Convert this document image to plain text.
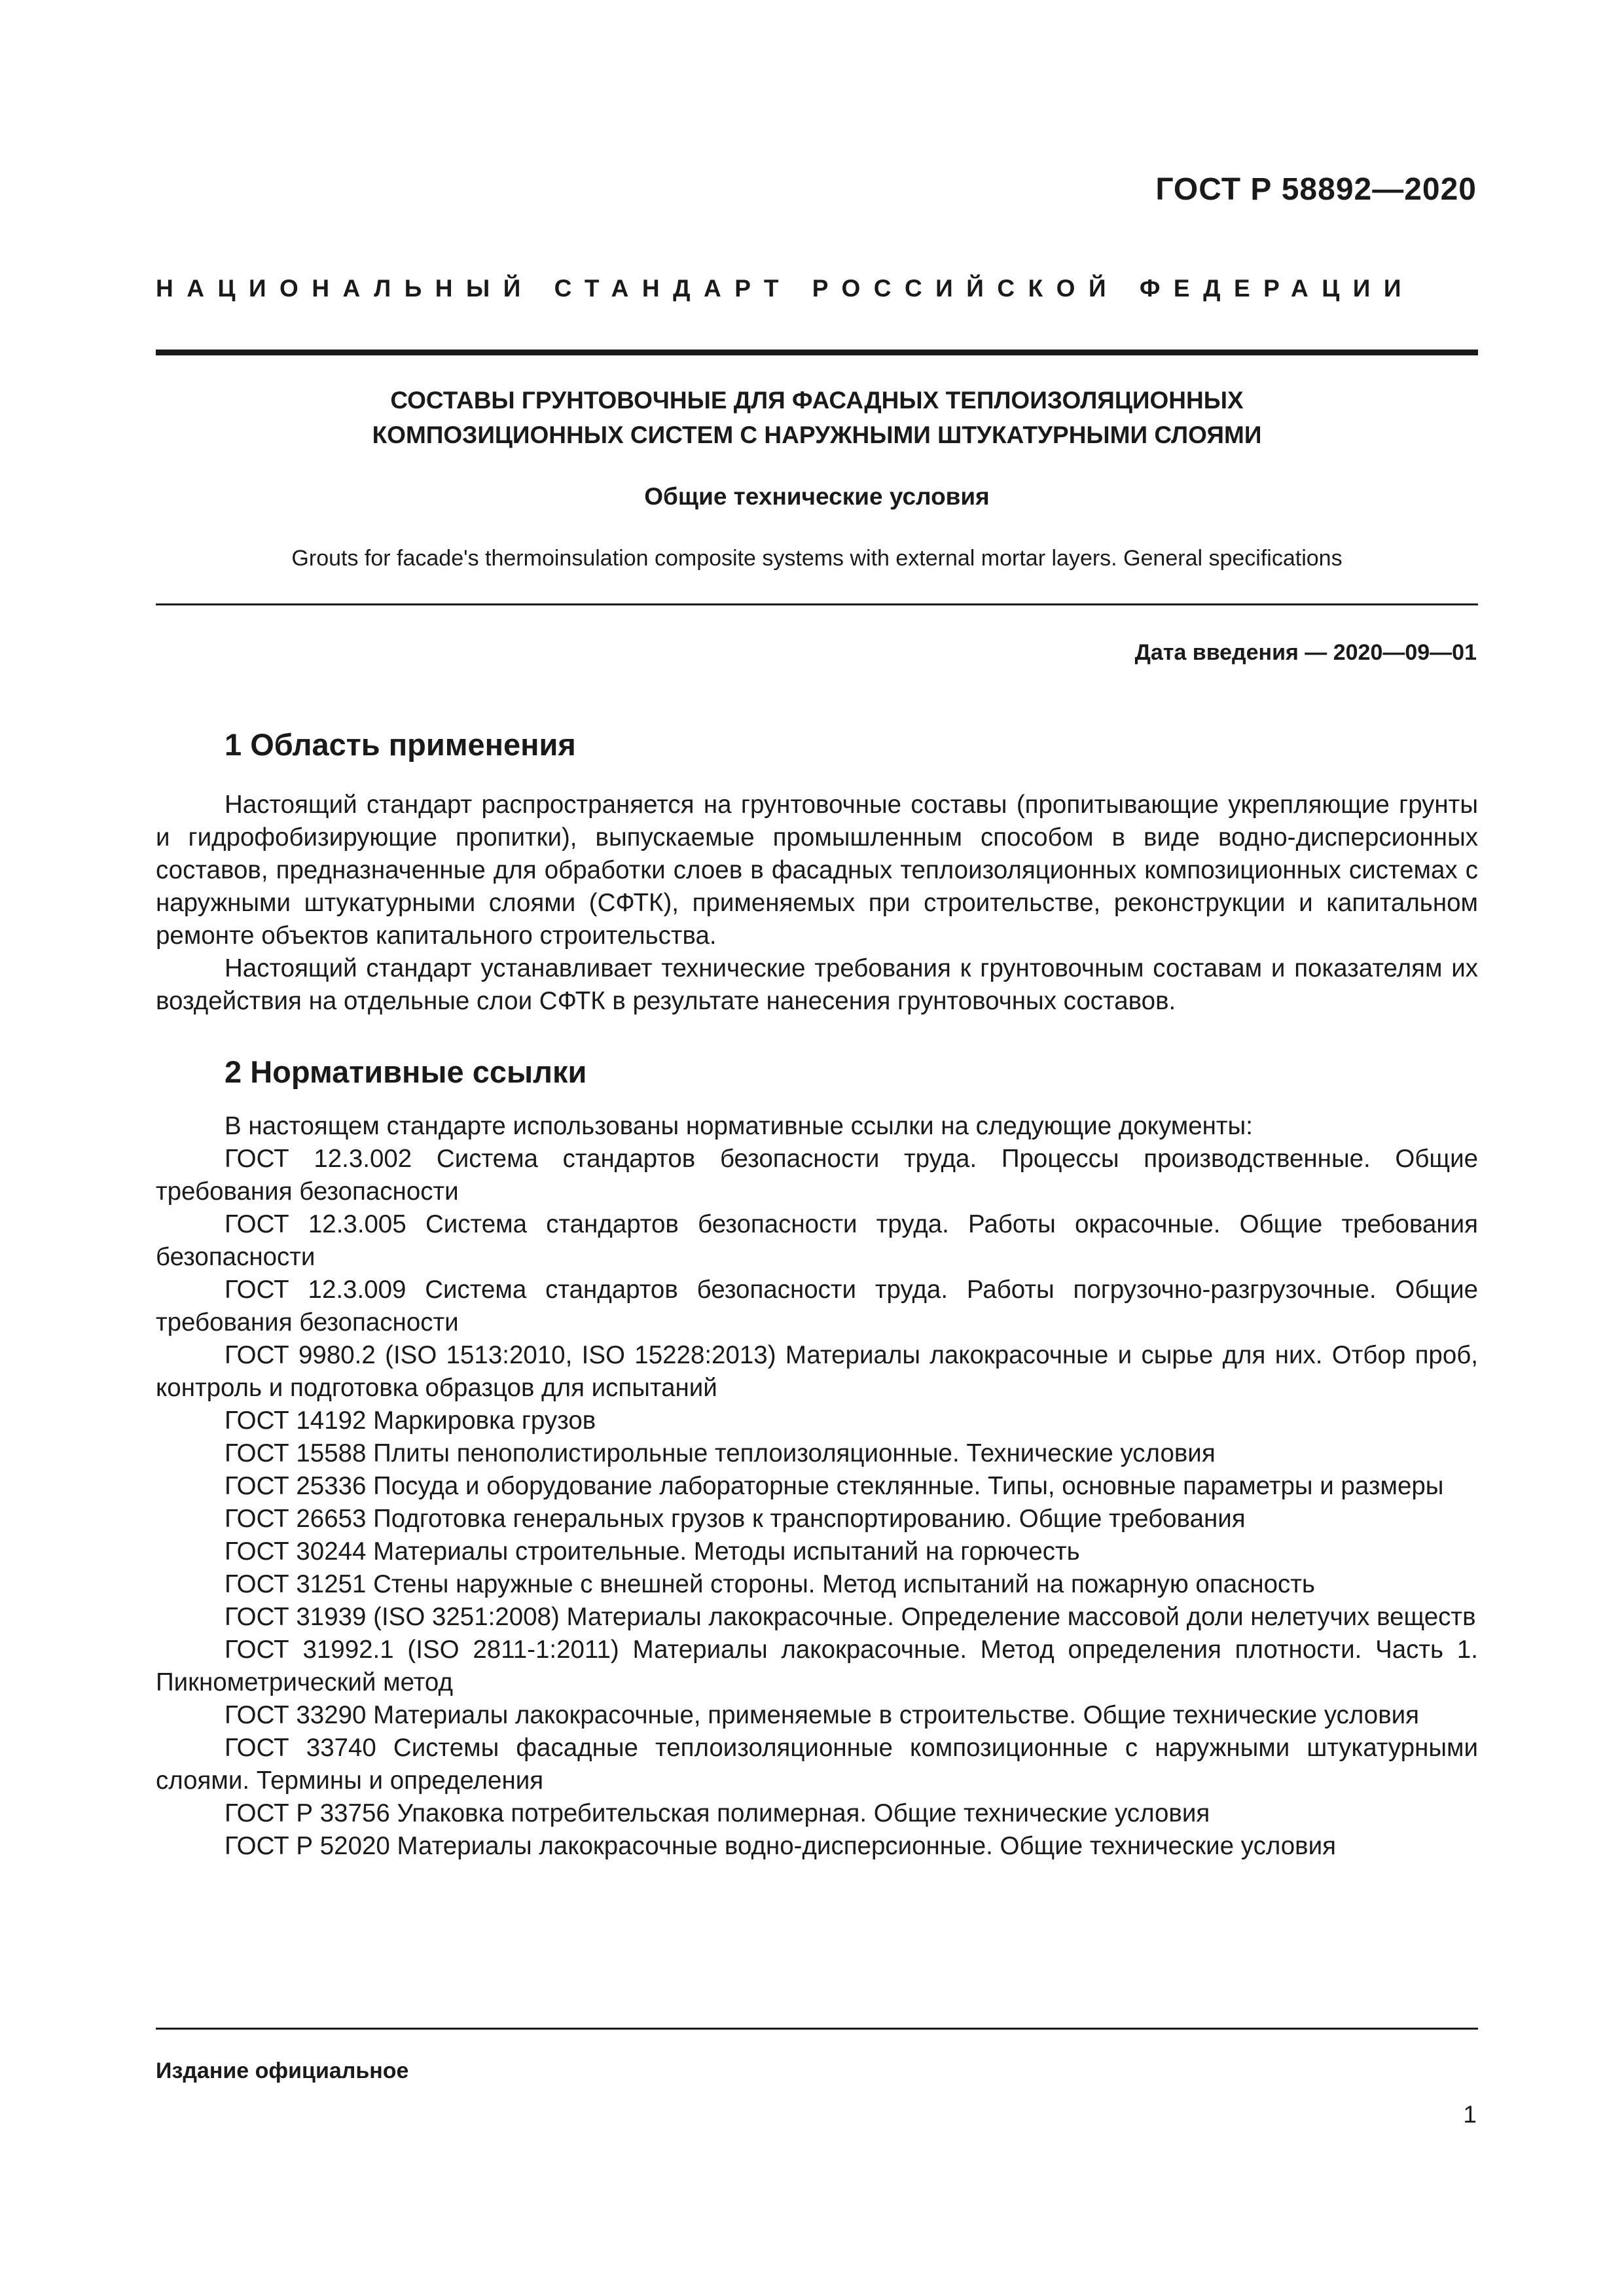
ГОСТ Р 58892—2020
НАЦИОНАЛЬНЫЙ СТАНДАРТ РОССИЙСКОЙ ФЕДЕРАЦИИ
СОСТАВЫ ГРУНТОВОЧНЫЕ ДЛЯ ФАСАДНЫХ ТЕПЛОИЗОЛЯЦИОННЫХ
КОМПОЗИЦИОННЫХ СИСТЕМ С НАРУЖНЫМИ ШТУКАТУРНЫМИ СЛОЯМИ
Общие технические условия
Grouts for facade's thermoinsulation composite systems with external mortar layers. General specifications
Дата введения — 2020—09—01
1 Область применения

Настоящий стандарт распространяется на грунтовочные составы (пропитывающие укрепляющие грунты и гидрофобизирующие пропитки), выпускаемые промышленным способом в виде водно-дисперсионных составов, предназначенные для обработки слоев в фасадных теплоизоляционных композиционных системах с наружными штукатурными слоями (СФТК), применяемых при строительстве, реконструкции и капитальном ремонте объектов капитального строительства.

Настоящий стандарт устанавливает технические требования к грунтовочным составам и показателям их воздействия на отдельные слои СФТК в результате нанесения грунтовочных составов.

2 Нормативные ссылки

В настоящем стандарте использованы нормативные ссылки на следующие документы:

ГОСТ 12.3.002 Система стандартов безопасности труда. Процессы производственные. Общие требования безопасности

ГОСТ 12.3.005 Система стандартов безопасности труда. Работы окрасочные. Общие требования безопасности

ГОСТ 12.3.009 Система стандартов безопасности труда. Работы погрузочно-разгрузочные. Общие требования безопасности

ГОСТ 9980.2 (ISO 1513:2010, ISO 15228:2013) Материалы лакокрасочные и сырье для них. Отбор проб, контроль и подготовка образцов для испытаний

ГОСТ 14192 Маркировка грузов

ГОСТ 15588 Плиты пенополистирольные теплоизоляционные. Технические условия

ГОСТ 25336 Посуда и оборудование лабораторные стеклянные. Типы, основные параметры и размеры

ГОСТ 26653 Подготовка генеральных грузов к транспортированию. Общие требования

ГОСТ 30244 Материалы строительные. Методы испытаний на горючесть

ГОСТ 31251 Стены наружные с внешней стороны. Метод испытаний на пожарную опасность

ГОСТ 31939 (ISO 3251:2008) Материалы лакокрасочные. Определение массовой доли нелетучих веществ

ГОСТ 31992.1 (ISO 2811-1:2011) Материалы лакокрасочные. Метод определения плотности. Часть 1. Пикнометрический метод

ГОСТ 33290 Материалы лакокрасочные, применяемые в строительстве. Общие технические условия

ГОСТ 33740 Системы фасадные теплоизоляционные композиционные с наружными штукатурными слоями. Термины и определения

ГОСТ Р 33756 Упаковка потребительская полимерная. Общие технические условия

ГОСТ Р 52020 Материалы лакокрасочные водно-дисперсионные. Общие технические условия

Издание официальное
1
